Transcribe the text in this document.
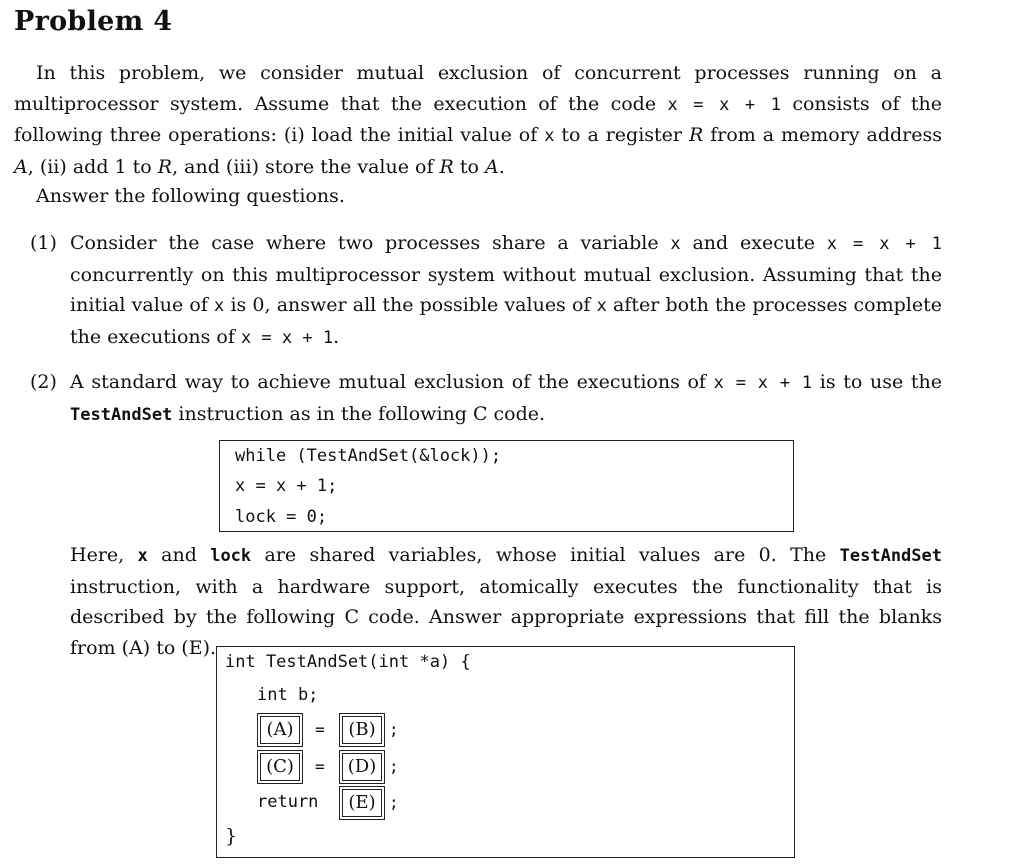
Problem 4
In this problem, we consider mutual exclusion of concurrent processes running on a multiprocessor system. Assume that the execution of the code x = x + 1 consists of the following three operations: (i) load the initial value of x to a register R from a memory address A, (ii) add 1 to R, and (iii) store the value of R to A.
Answer the following questions.
(1) Consider the case where two processes share a variable x and execute x = x + 1 concurrently on this multiprocessor system without mutual exclusion. Assuming that the initial value of x is 0, answer all the possible values of x after both the processes complete the executions of x = x + 1.
(2) A standard way to achieve mutual exclusion of the executions of x = x + 1 is to use the TestAndSet instruction as in the following C code.
while (TestAndSet(&lock));
x = x + 1;
lock = 0;
Here, x and lock are shared variables, whose initial values are 0. The TestAndSet instruction, with a hardware support, atomically executes the functionality that is described by the following C code. Answer appropriate expressions that fill the blanks from (A) to (E).
int TestAndSet(int *a) {
int b;
(A)	=	(B) ;
(C)	=	(D) ;
return	(E) ;
}
